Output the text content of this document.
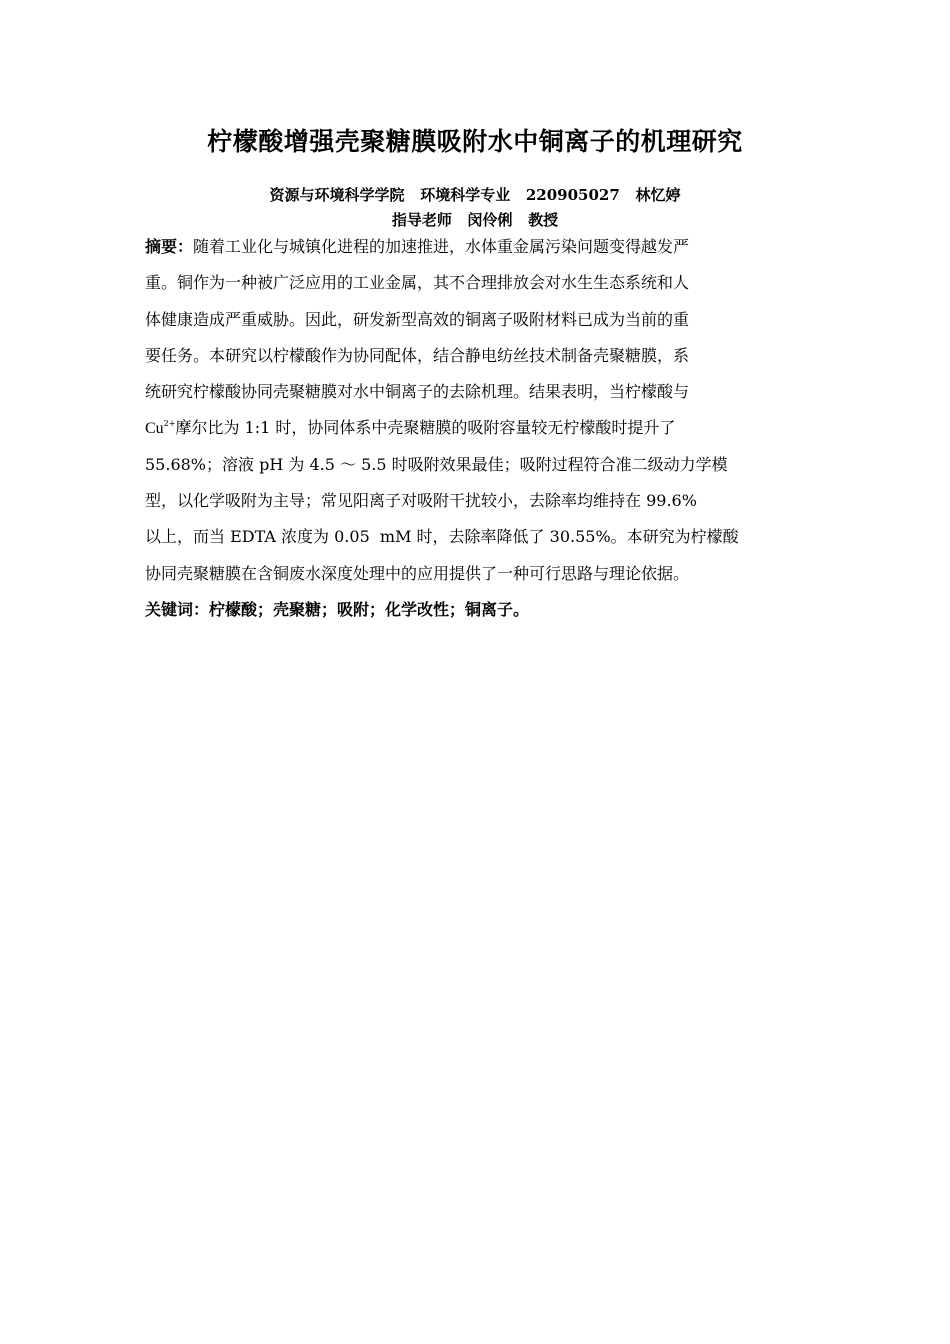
柠檬酸增强壳聚糖膜吸附水中铜离子的机理研究
资源与环境科学学院   环境科学专业   220905027   林忆婷
指导老师   闵伶俐   教授
摘要：随着工业化与城镇化进程的加速推进，水体重金属污染问题变得越发严
重。铜作为一种被广泛应用的工业金属，其不合理排放会对水生生态系统和人
体健康造成严重威胁。因此，研发新型高效的铜离子吸附材料已成为当前的重
要任务。本研究以柠檬酸作为协同配体，结合静电纺丝技术制备壳聚糖膜，系
统研究柠檬酸协同壳聚糖膜对水中铜离子的去除机理。结果表明，当柠檬酸与
$Cu^{2+}$摩尔比为 1:1 时，协同体系中壳聚糖膜的吸附容量较无柠檬酸时提升了
55.68%；溶液 pH 为 4.5 ～ 5.5 时吸附效果最佳；吸附过程符合准二级动力学模
型，以化学吸附为主导；常见阳离子对吸附干扰较小，去除率均维持在 99.6%
以上，而当 EDTA 浓度为 0.05  mM 时，去除率降低了 30.55%。本研究为柠檬酸
协同壳聚糖膜在含铜废水深度处理中的应用提供了一种可行思路与理论依据。
关键词：柠檬酸；壳聚糖；吸附；化学改性；铜离子。
